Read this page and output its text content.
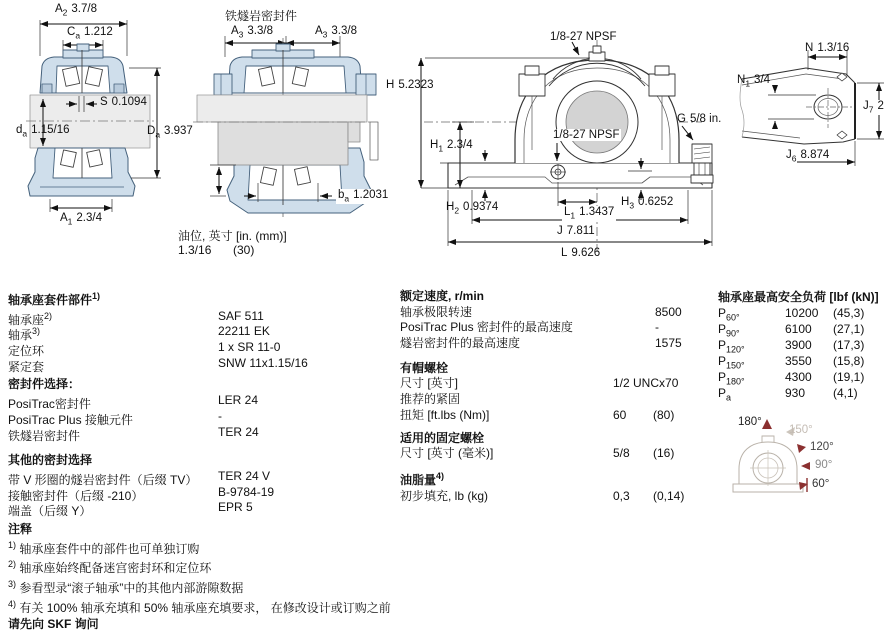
铁燧岩密封件
$A_2$ 3.7/8
$C_a$ 1.212
S 0.1094
$d_a$ 1.15/16	$D_a$ 3.937
$A_1$ 2.3/4
$A_3$ 3.3/8	$A_3$ 3.3/8
$b_a$ 1.2031
油位, 英寸 [in. (mm)]
1.3/16 (30)
1/8-27 NPSF
1/8-27 NPSF
H 5.2323
$H_1$ 2.3/4
$H_2$ 0.9374	$H_3$ 0.6252
G 5/8 in.
$L_1$ 1.3437
J 7.811
L 9.626
N 1.3/16
$N_1$ 3/4
$J_7$ 2
$J_6$ 8.874
180°
150°
120°
90°
60°
轴承座套件部件$^{1)}$
轴承座$^{2)}$	SAF 511
轴承$^{3)}$	22211 EK
定位环	1 x SR 11-0
紧定套	SNW 11x1.15/16
密封件选择：
PosiTrac密封件	LER 24
PosiTrac Plus 接触元件	-
铁燧岩密封件	TER 24
其他的密封选择
带 V 形圈的燧岩密封件（后缀 TV） TER 24 V
接触密封件（后缀 -210）	B-9784-19
端盖（后缀 Y）	EPR 5
注释
$^{1)}$ 轴承座套件中的部件也可单独订购
$^{2)}$ 轴承座始终配备迷宫密封环和定位环
$^{3)}$ 参看型录“滚子轴承”中的其他内部游隙数据
$^{4)}$ 有关 100% 轴承充填和 50% 轴承座充填要求， 在修改设计或订购之前
请先向 SKF 询问
额定速度, r/min
轴承极限转速	8500
PosiTrac Plus 密封件的最高速度	-
燧岩密封件的最高速度	1575
有帽螺栓
尺寸 [英寸]	1/2 UNCx70
推荐的紧固
扭矩 [ft.lbs (Nm)]	60 (80)
适用的固定螺栓
尺寸 [英寸 (毫米)]	5/8 (16)
油脂量$^{4)}$
初步填充, lb (kg)	0,3 (0,14)
轴承座最高安全负荷 [lbf (kN)]
$P_{60^\circ}$	10200 (45,3)
$P_{90^\circ}$	6100 (27,1)
$P_{120^\circ}$	3900 (17,3)
$P_{150^\circ}$	3550 (15,8)
$P_{180^\circ}$	4300 (19,1)
$P_a$	930 (4,1)
